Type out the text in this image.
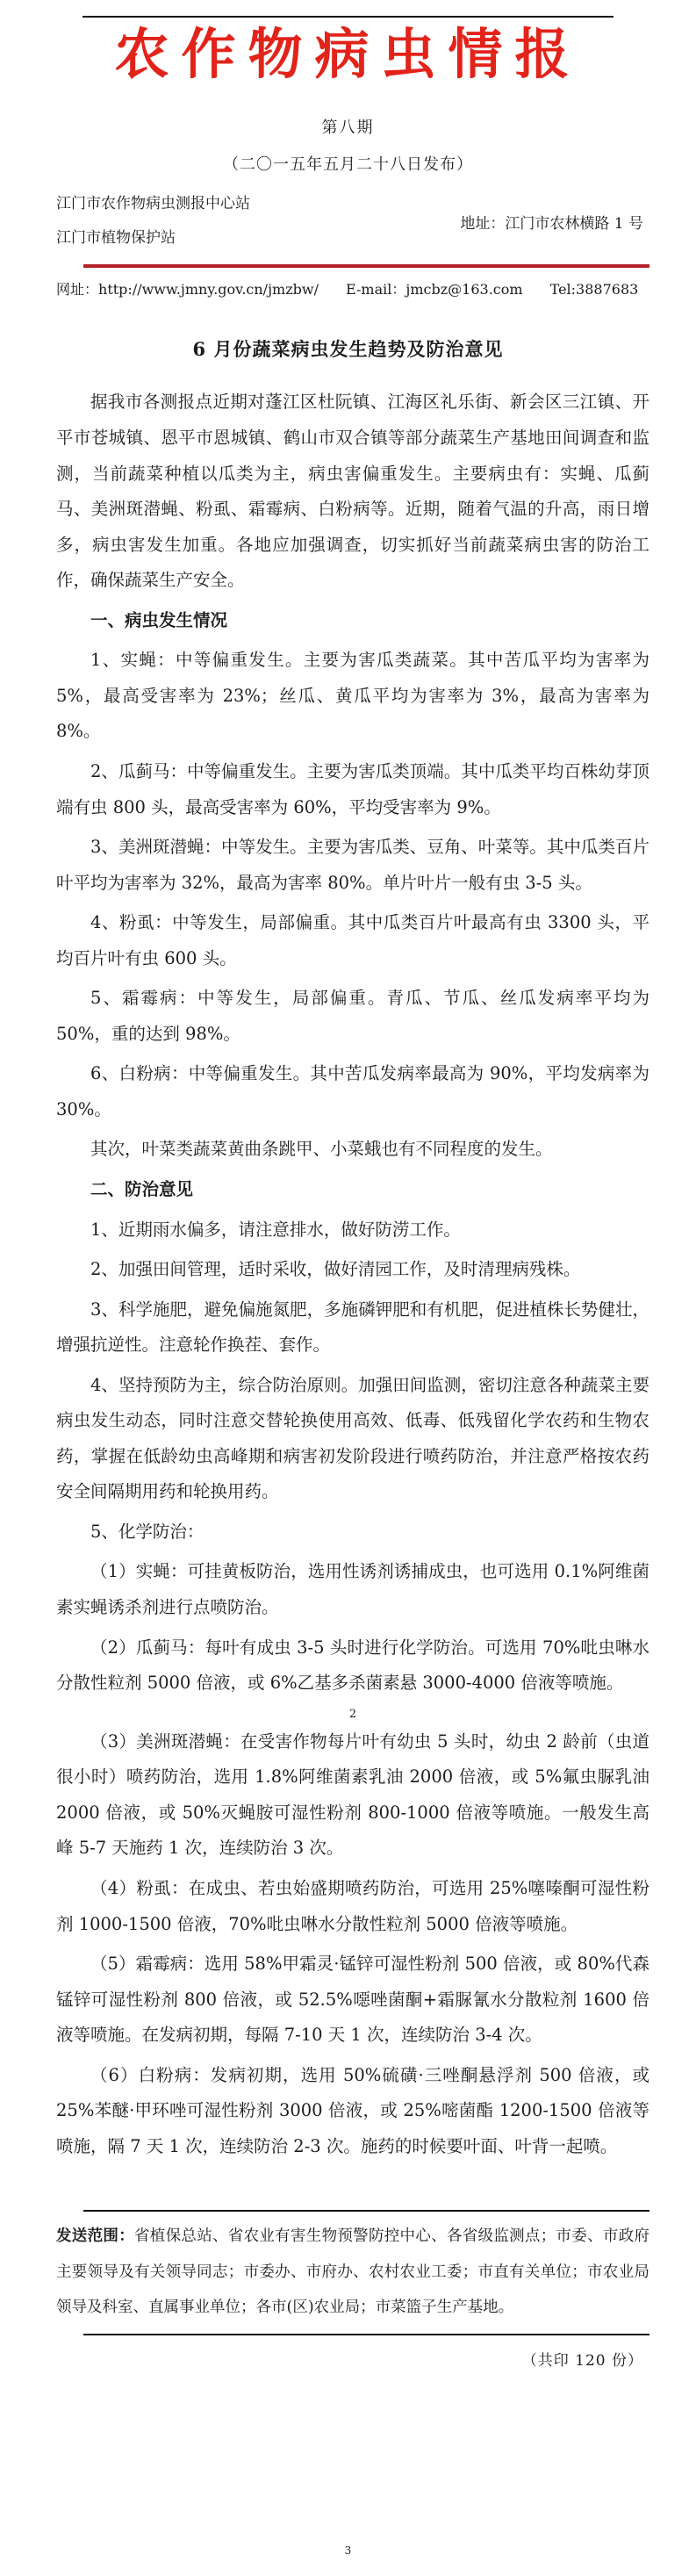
农作物病虫情报
第八期
（二〇一五年五月二十八日发布）
江门市农作物病虫测报中心站
江门市植物保护站
地址：江门市农林横路 1 号
网址：http://www.jmny.gov.cn/jmzbw/ E-mail：jmcbz@163.com Tel:3887683
6 月份蔬菜病虫发生趋势及防治意见

据我市各测报点近期对蓬江区杜阮镇、江海区礼乐街、新会区三江镇、开平市苍城镇、恩平市恩城镇、鹤山市双合镇等部分蔬菜生产基地田间调查和监测，当前蔬菜种植以瓜类为主，病虫害偏重发生。主要病虫有：实蝇、瓜蓟马、美洲斑潜蝇、粉虱、霜霉病、白粉病等。近期，随着气温的升高，雨日增多，病虫害发生加重。各地应加强调查，切实抓好当前蔬菜病虫害的防治工作，确保蔬菜生产安全。

一、病虫发生情况

1、实蝇：中等偏重发生。主要为害瓜类蔬菜。其中苦瓜平均为害率为 5%，最高受害率为 23%；丝瓜、黄瓜平均为害率为 3%，最高为害率为 8%。

2、瓜蓟马：中等偏重发生。主要为害瓜类顶端。其中瓜类平均百株幼芽顶端有虫 800 头，最高受害率为 60%，平均受害率为 9%。

3、美洲斑潜蝇：中等发生。主要为害瓜类、豆角、叶菜等。其中瓜类百片叶平均为害率为 32%，最高为害率 80%。单片叶片一般有虫 3-5 头。

4、粉虱：中等发生，局部偏重。其中瓜类百片叶最高有虫 3300 头，平均百片叶有虫 600 头。

5、霜霉病：中等发生，局部偏重。青瓜、节瓜、丝瓜发病率平均为 50%，重的达到 98%。

6、白粉病：中等偏重发生。其中苦瓜发病率最高为 90%，平均发病率为 30%。

其次，叶菜类蔬菜黄曲条跳甲、小菜蛾也有不同程度的发生。

二、防治意见

1、近期雨水偏多，请注意排水，做好防涝工作。

2、加强田间管理，适时采收，做好清园工作，及时清理病残株。

3、科学施肥，避免偏施氮肥，多施磷钾肥和有机肥，促进植株长势健壮，增强抗逆性。注意轮作换茬、套作。

4、坚持预防为主，综合防治原则。加强田间监测，密切注意各种蔬菜主要病虫发生动态，同时注意交替轮换使用高效、低毒、低残留化学农药和生物农药，掌握在低龄幼虫高峰期和病害初发阶段进行喷药防治，并注意严格按农药安全间隔期用药和轮换用药。

5、化学防治：

（1）实蝇：可挂黄板防治，选用性诱剂诱捕成虫，也可选用 0.1%阿维菌素实蝇诱杀剂进行点喷防治。

（2）瓜蓟马：每叶有成虫 3-5 头时进行化学防治。可选用 70%吡虫啉水分散性粒剂 5000 倍液，或 6%乙基多杀菌素悬 3000-4000 倍液等喷施。

2

（3）美洲斑潜蝇：在受害作物每片叶有幼虫 5 头时，幼虫 2 龄前（虫道很小时）喷药防治，选用 1.8%阿维菌素乳油 2000 倍液，或 5%氟虫脲乳油 2000 倍液，或 50%灭蝇胺可湿性粉剂 800-1000 倍液等喷施。一般发生高峰 5-7 天施药 1 次，连续防治 3 次。

（4）粉虱：在成虫、若虫始盛期喷药防治，可选用 25%噻嗪酮可湿性粉剂 1000-1500 倍液，70%吡虫啉水分散性粒剂 5000 倍液等喷施。

（5）霜霉病：选用 58%甲霜灵·锰锌可湿性粉剂 500 倍液，或 80%代森锰锌可湿性粉剂 800 倍液，或 52.5%噁唑菌酮+霜脲氰水分散粒剂 1600 倍液等喷施。在发病初期，每隔 7-10 天 1 次，连续防治 3-4 次。

（6）白粉病：发病初期，选用 50%硫磺·三唑酮悬浮剂 500 倍液，或 25%苯醚·甲环唑可湿性粉剂 3000 倍液，或 25%嘧菌酯 1200-1500 倍液等喷施，隔 7 天 1 次，连续防治 2-3 次。施药的时候要叶面、叶背一起喷。

发送范围：省植保总站、省农业有害生物预警防控中心、各省级监测点；市委、市政府主要领导及有关领导同志；市委办、市府办、农村农业工委；市直有关单位；市农业局领导及科室、直属事业单位；各市(区)农业局；市菜篮子生产基地。
（共印 120 份）
3
